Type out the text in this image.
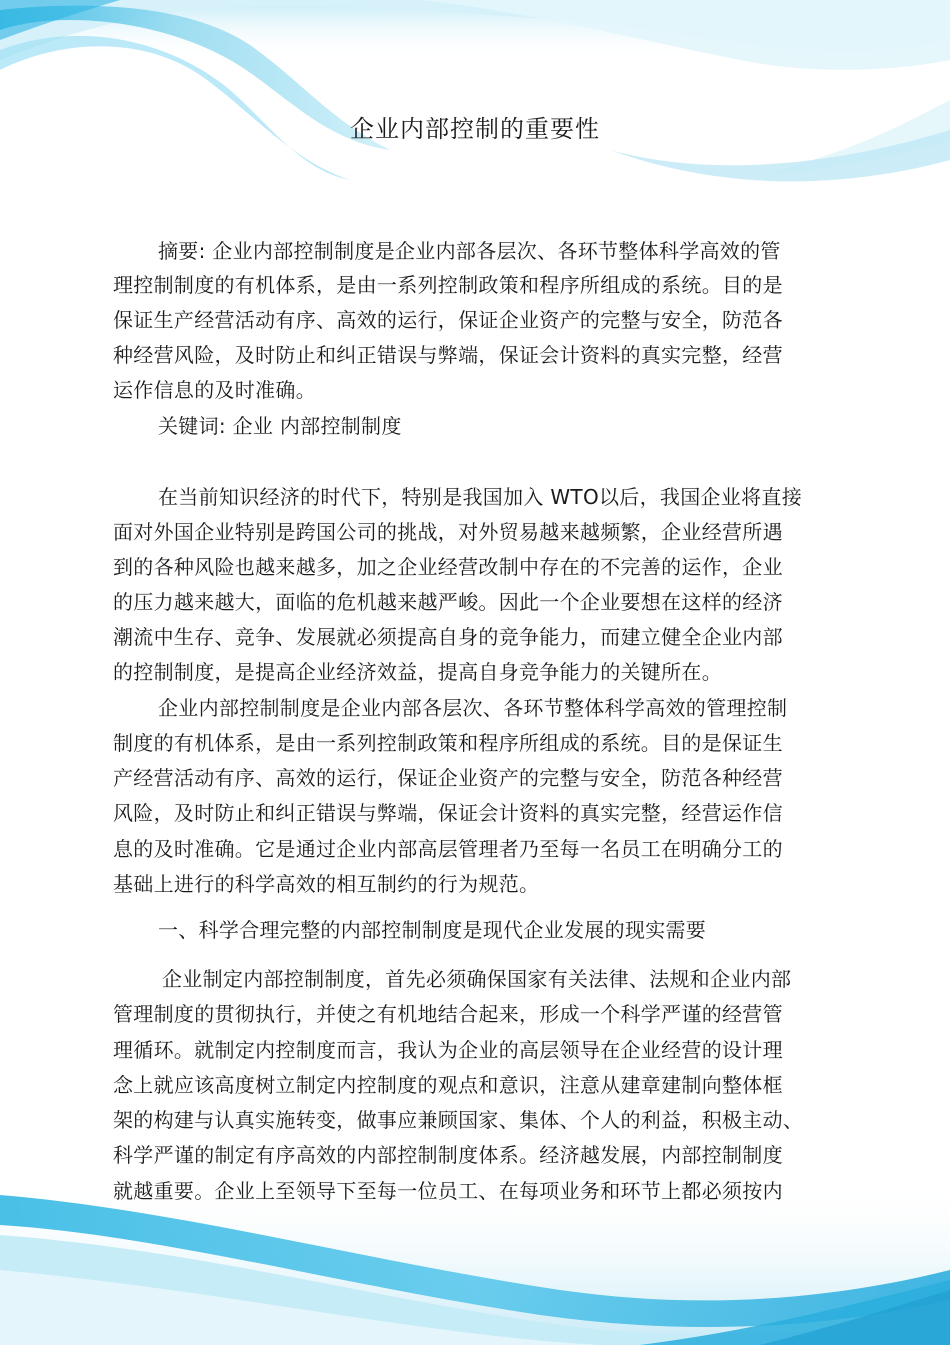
企业内部控制的重要性
摘要: 企业内部控制制度是企业内部各层次、各环节整体科学高效的管
理控制制度的有机体系，是由一系列控制政策和程序所组成的系统。目的是
保证生产经营活动有序、高效的运行，保证企业资产的完整与安全，防范各
种经营风险，及时防止和纠正错误与弊端，保证会计资料的真实完整，经营
运作信息的及时准确。
关键词: 企业 内部控制制度
在当前知识经济的时代下，特别是我国加入 WTO以后，我国企业将直接
面对外国企业特别是跨国公司的挑战，对外贸易越来越频繁，企业经营所遇
到的各种风险也越来越多，加之企业经营改制中存在的不完善的运作，企业
的压力越来越大，面临的危机越来越严峻。因此一个企业要想在这样的经济
潮流中生存、竞争、发展就必须提高自身的竞争能力，而建立健全企业内部
的控制制度，是提高企业经济效益，提高自身竞争能力的关键所在。
企业内部控制制度是企业内部各层次、各环节整体科学高效的管理控制
制度的有机体系，是由一系列控制政策和程序所组成的系统。目的是保证生
产经营活动有序、高效的运行，保证企业资产的完整与安全，防范各种经营
风险，及时防止和纠正错误与弊端，保证会计资料的真实完整，经营运作信
息的及时准确。它是通过企业内部高层管理者乃至每一名员工在明确分工的
基础上进行的科学高效的相互制约的行为规范。
一、科学合理完整的内部控制制度是现代企业发展的现实需要
企业制定内部控制制度，首先必须确保国家有关法律、法规和企业内部
管理制度的贯彻执行，并使之有机地结合起来，形成一个科学严谨的经营管
理循环。就制定内控制度而言，我认为企业的高层领导在企业经营的设计理
念上就应该高度树立制定内控制度的观点和意识，注意从建章建制向整体框
架的构建与认真实施转变，做事应兼顾国家、集体、个人的利益，积极主动、
科学严谨的制定有序高效的内部控制制度体系。经济越发展，内部控制制度
就越重要。企业上至领导下至每一位员工、在每项业务和环节上都必须按内
